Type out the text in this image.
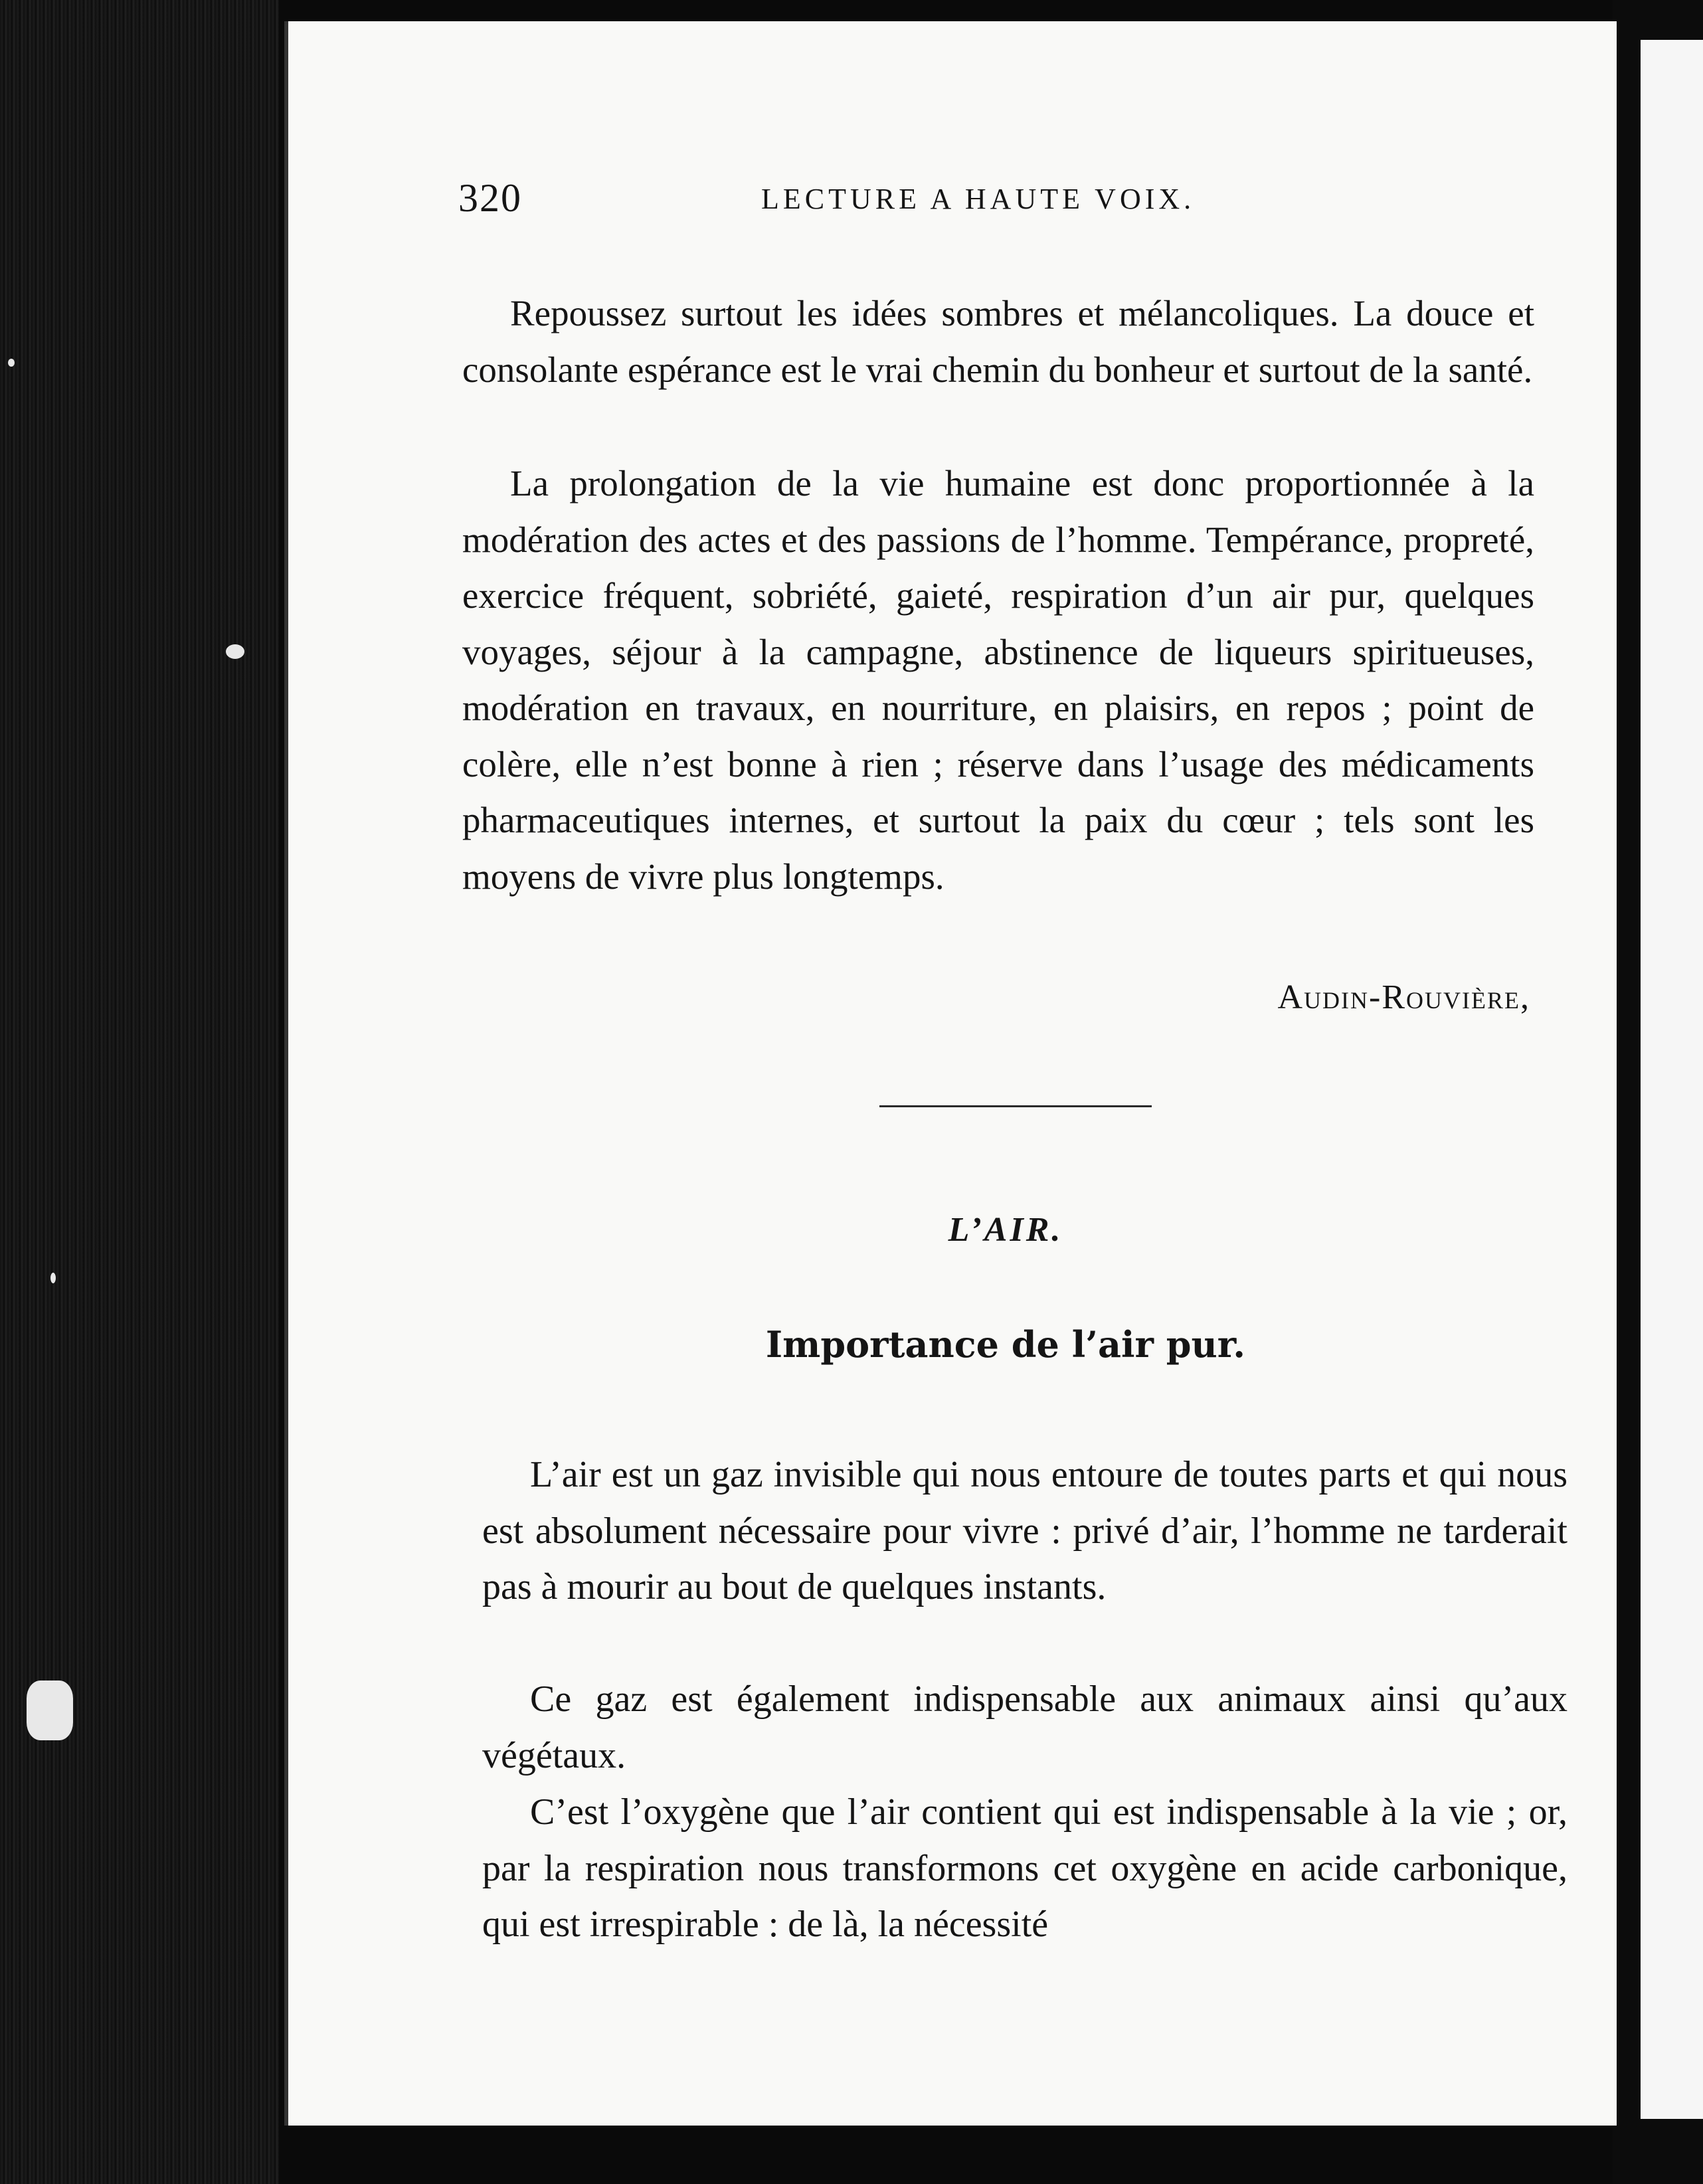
320	LECTURE A HAUTE VOIX.

Repoussez surtout les idées sombres et mélancoliques. La douce et consolante espérance est le vrai chemin du bonheur et surtout de la santé.

La prolongation de la vie humaine est donc proportionnée à la modération des actes et des passions de l’homme. Tempérance, propreté, exercice fréquent, sobriété, gaieté, respiration d’un air pur, quelques voyages, séjour à la campagne, abstinence de liqueurs spiritueuses, modération en travaux, en nourriture, en plaisirs, en repos ; point de colère, elle n’est bonne à rien ; réserve dans l’usage des médicaments pharmaceutiques internes, et surtout la paix du cœur ; tels sont les moyens de vivre plus longtemps.

Audin-Rouvière,
L’AIR.
Importance de l’air pur.

L’air est un gaz invisible qui nous entoure de toutes parts et qui nous est absolument nécessaire pour vivre : privé d’air, l’homme ne tarderait pas à mourir au bout de quelques instants.

Ce gaz est également indispensable aux animaux ainsi qu’aux végétaux.

C’est l’oxygène que l’air contient qui est indispensable à la vie ; or, par la respiration nous transformons cet oxygène en acide carbonique, qui est irrespirable : de là, la nécessité
